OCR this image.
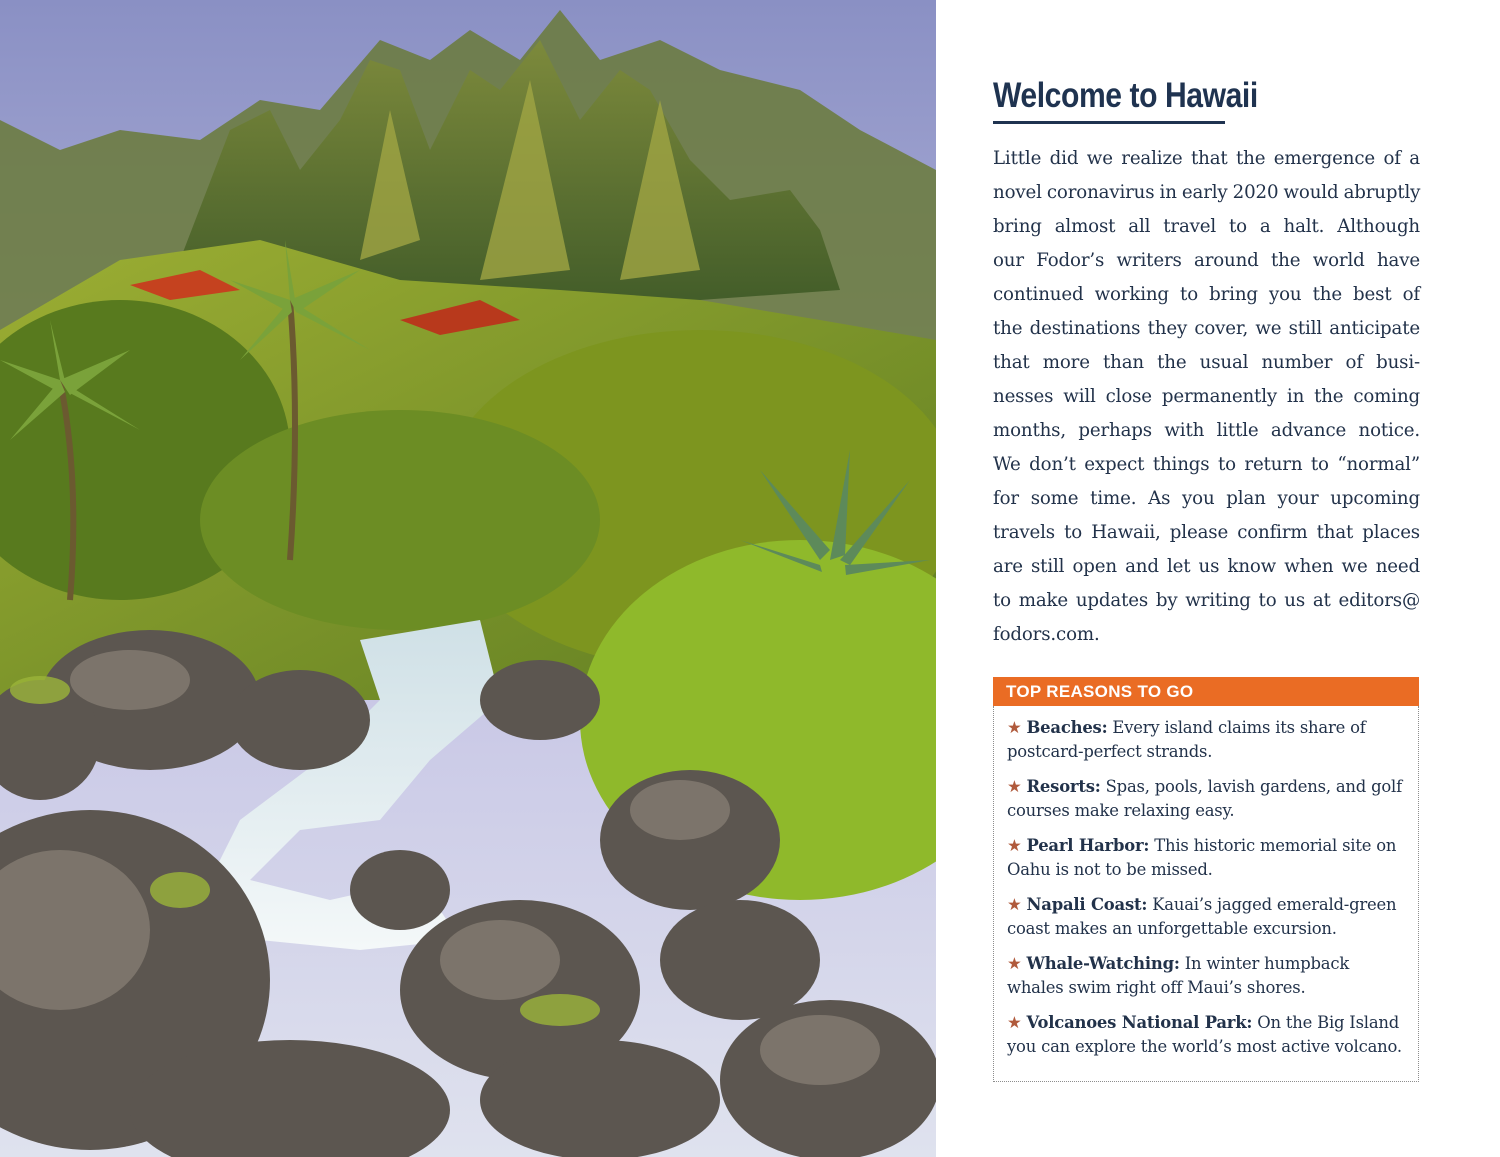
Welcome to Hawaii
Little did we realize that the emergence of a
novel coronavirus in early 2020 would abruptly
bring almost all travel to a halt. Although
our Fodor’s writers around the world have
continued working to bring you the best of
the destinations they cover, we still anticipate
that more than the usual number of busi-
nesses will close permanently in the coming
months, perhaps with little advance notice.
We don’t expect things to return to “normal”
for some time. As you plan your upcoming
travels to Hawaii, please confirm that places
are still open and let us know when we need
to make updates by writing to us at editors@
fodors.com.
TOP REASONS TO GO
★ Beaches: Every island claims its share of postcard-perfect strands.
★ Resorts: Spas, pools, lavish gardens, and golf courses make relaxing easy.
★ Pearl Harbor: This historic memorial site on Oahu is not to be missed.
★ Napali Coast: Kauai’s jagged emerald-green coast makes an unforgettable excursion.
★ Whale-Watching: In winter humpback whales swim right off Maui’s shores.
★ Volcanoes National Park: On the Big Island you can explore the world’s most active volcano.
